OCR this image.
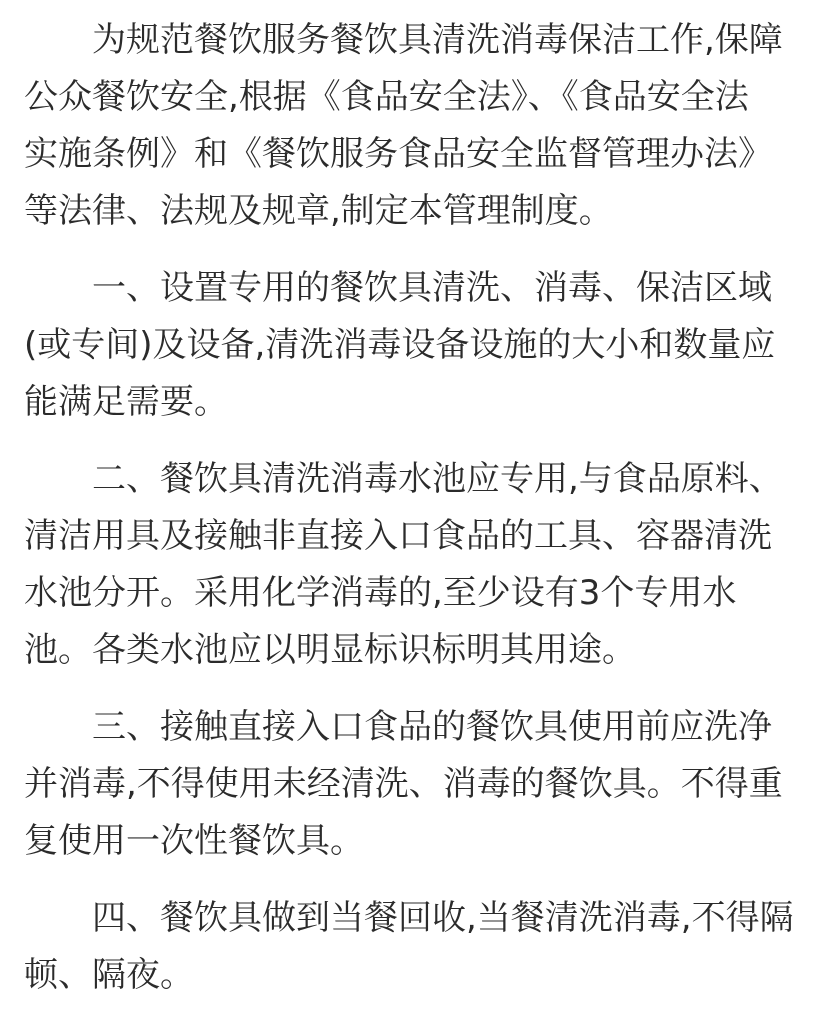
为规范餐饮服务餐饮具清洗消毒保洁工作,保障
公众餐饮安全,根据《食品安全法》、《食品安全法
实施条例》和《餐饮服务食品安全监督管理办法》
等法律、法规及规章,制定本管理制度。
一、设置专用的餐饮具清洗、消毒、保洁区域
(或专间)及设备,清洗消毒设备设施的大小和数量应
能满足需要。
二、餐饮具清洗消毒水池应专用,与食品原料、
清洁用具及接触非直接入口食品的工具、容器清洗
水池分开。采用化学消毒的,至少设有3个专用水
池。各类水池应以明显标识标明其用途。
三、接触直接入口食品的餐饮具使用前应洗净
并消毒,不得使用未经清洗、消毒的餐饮具。不得重
复使用一次性餐饮具。
四、餐饮具做到当餐回收,当餐清洗消毒,不得隔
顿、隔夜。
